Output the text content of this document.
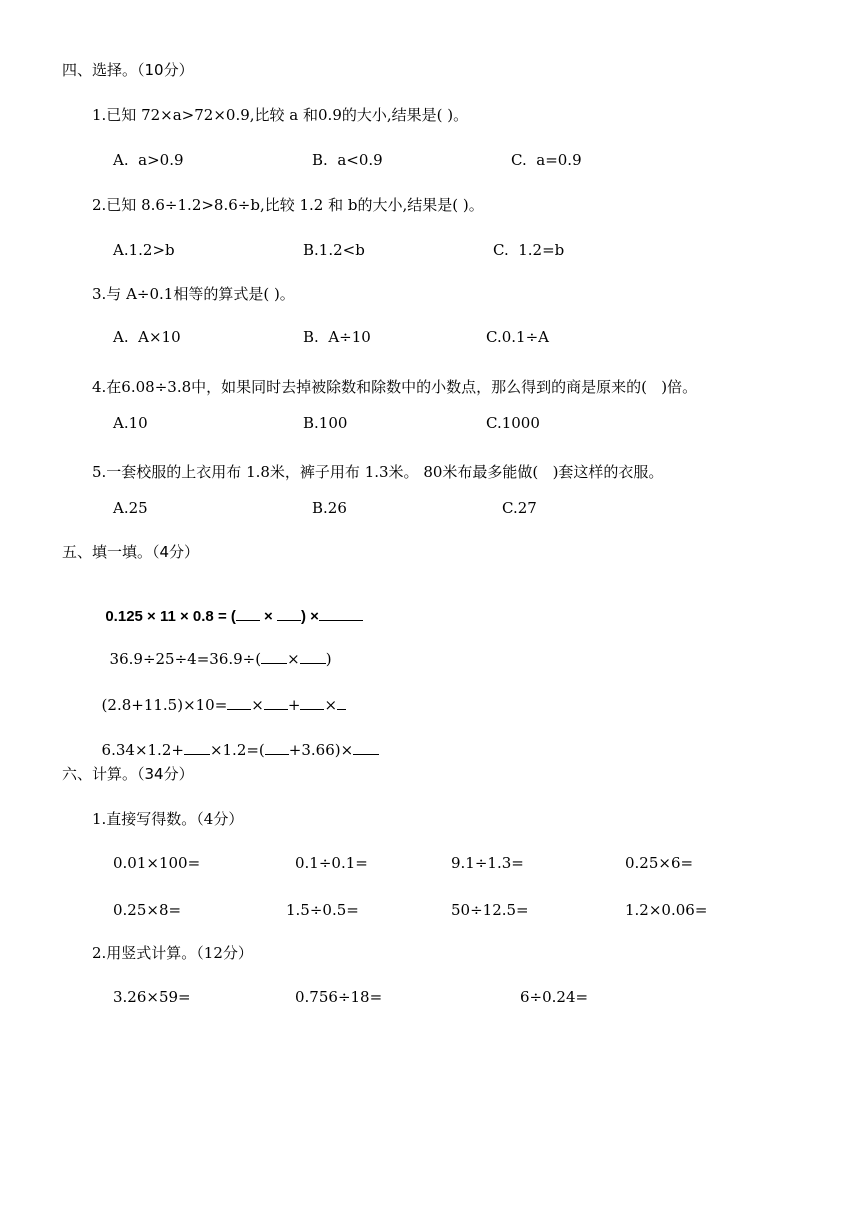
四、选择。（10分）
1.已知 72×a>72×0.9,比较 a 和0.9的大小,结果是( )。
A.  a>0.9	B.  a<0.9	C.  a=0.9
2.已知 8.6÷1.2>8.6÷b,比较 1.2 和 b的大小,结果是( )。
A.1.2>b	B.1.2<b	C.  1.2=b
3.与 A÷0.1相等的算式是( )。
A.  A×10	B.  A÷10	C.0.1÷A
4.在6.08÷3.8中，如果同时去掉被除数和除数中的小数点，那么得到的商是原来的(   )倍。
A.10	B.100	C.1000
5.一套校服的上衣用布 1.8米，裤子用布 1.3米。 80米布最多能做(   )套这样的衣服。
A.25	B.26	C.27
五、填一填。（4分）

0.125 × 11 × 0.8 = ( × ) ×

36.9÷25÷4=36.9÷( × )

(2.8+11.5)×10= × + ×

6.34×1.2+ ×1.2=( +3.66)×

六、计算。（34分）
1.直接写得数。（4分）
0.01×100=	0.1÷0.1=	9.1÷1.3=	0.25×6=
0.25×8=	1.5÷0.5=	50÷12.5=	1.2×0.06=
2.用竖式计算。（12分）
3.26×59=	0.756÷18=	6÷0.24=
